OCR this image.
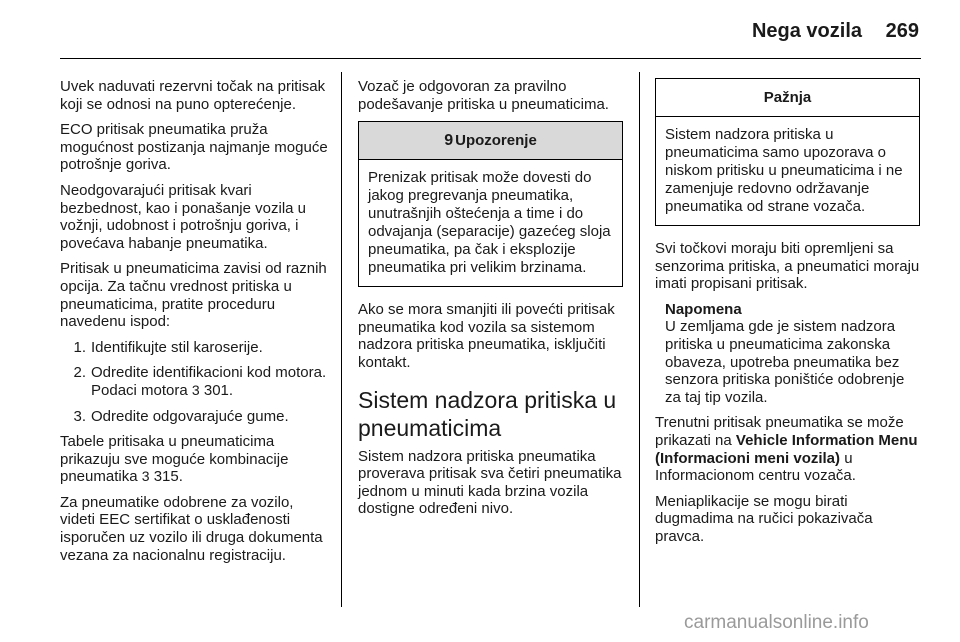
Nega vozila 269

Uvek naduvati rezervni točak na pritisak koji se odnosi na puno opterećenje.

ECO pritisak pneumatika pruža mogućnost postizanja najmanje moguće potrošnje goriva.

Neodgovarajući pritisak kvari bezbednost, kao i ponašanje vozila u vožnji, udobnost i potrošnju goriva, i povećava habanje pneumatika.

Pritisak u pneumaticima zavisi od raznih opcija. Za tačnu vrednost pritiska u pneumaticima, pratite proceduru navedenu ispod:

1. Identifikujte stil karoserije.
2. Odredite identifikacioni kod motora. Podaci motora 3 301.
3. Odredite odgovarajuće gume.

Tabele pritisaka u pneumaticima prikazuju sve moguće kombinacije pneumatika 3 315.

Za pneumatike odobrene za vozilo, videti EEC sertifikat o usklađenosti isporučen uz vozilo ili druga dokumenta vezana za nacionalnu registraciju.

Vozač je odgovoran za pravilno podešavanje pritiska u pneumaticima.

9 Upozorenje
Prenizak pritisak može dovesti do jakog pregrevanja pneumatika, unutrašnjih oštećenja a time i do odvajanja (separacije) gazećeg sloja pneumatika, pa čak i eksplozije pneumatika pri velikim brzinama.

Ako se mora smanjiti ili povećti pritisak pneumatika kod vozila sa sistemom nadzora pritiska pneumatika, isključiti kontakt.

Sistem nadzora pritiska u pneumaticima

Sistem nadzora pritiska pneumatika proverava pritisak sva četiri pneumatika jednom u minuti kada brzina vozila dostigne određeni nivo.

Pažnja
Sistem nadzora pritiska u pneumaticima samo upozorava o niskom pritisku u pneumaticima i ne zamenjuje redovno održavanje pneumatika od strane vozača.

Svi točkovi moraju biti opremljeni sa senzorima pritiska, a pneumatici moraju imati propisani pritisak.

Napomena
U zemljama gde je sistem nadzora pritiska u pneumaticima zakonska obaveza, upotreba pneumatika bez senzora pritiska poništiće odobrenje za taj tip vozila.

Trenutni pritisak pneumatika se može prikazati na Vehicle Information Menu (Informacioni meni vozila) u Informacionom centru vozača.

Meniaplikacije se mogu birati dugmadima na ručici pokazivača pravca.

carmanualsonline.info
